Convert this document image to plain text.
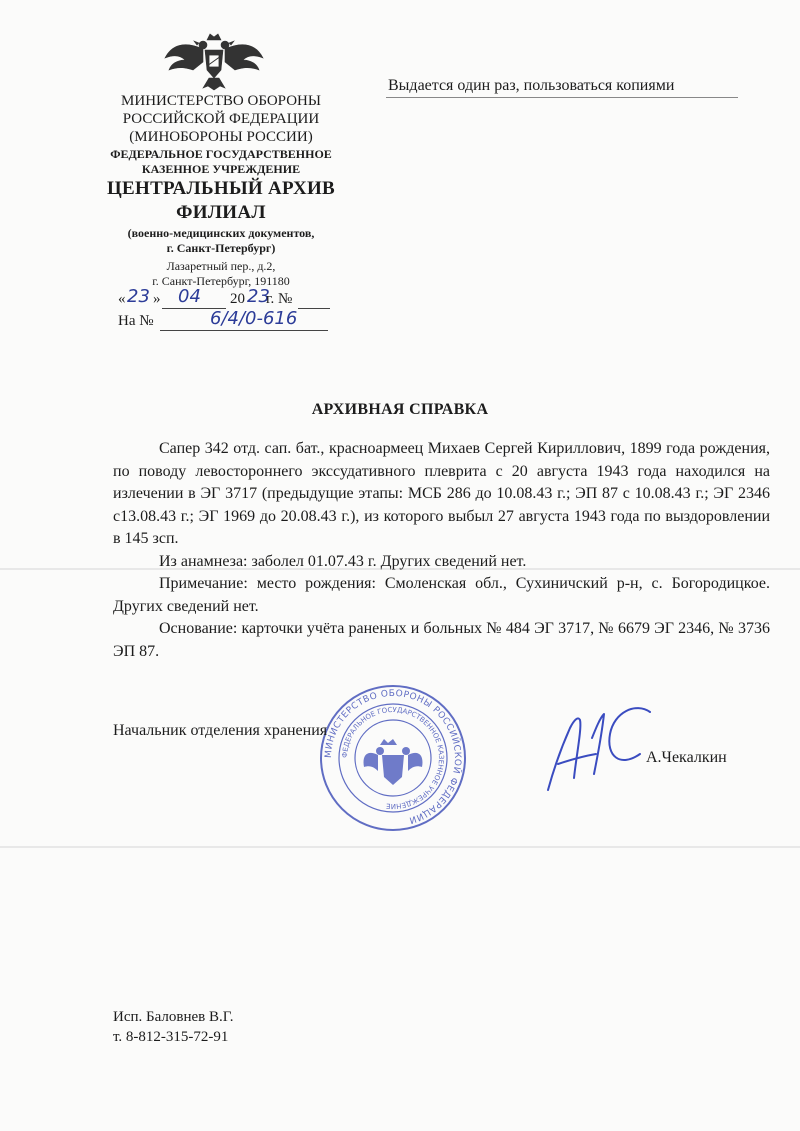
МИНИСТЕРСТВО ОБОРОНЫ
РОССИЙСКОЙ ФЕДЕРАЦИИ
(МИНОБОРОНЫ РОССИИ)
ФЕДЕРАЛЬНОЕ ГОСУДАРСТВЕННОЕ
КАЗЕННОЕ УЧРЕЖДЕНИЕ
ЦЕНТРАЛЬНЫЙ АРХИВ
ФИЛИАЛ
(военно-медицинских документов,
г. Санкт-Петербург)
Лазаретный пер., д.2,
г. Санкт-Петербург, 191180
« 23 » 04 20 23
г. №
На №	6/4/0-616
Выдается один раз, пользоваться копиями
АРХИВНАЯ СПРАВКА

Сапер 342 отд. сап. бат., красноармеец Михаев Сергей Кириллович, 1899 года рождения, по поводу левостороннего экссудативного плеврита с 20 августа 1943 года находился на излечении в ЭГ 3717 (предыдущие этапы: МСБ 286 до 10.08.43 г.; ЭП 87 с 10.08.43 г.; ЭГ 2346 с13.08.43 г.; ЭГ 1969 до 20.08.43 г.), из которого выбыл 27 августа 1943 года по выздоровлении в 145 зсп.

Из анамнеза: заболел 01.07.43 г. Других сведений нет.

Примечание: место рождения: Смоленская обл., Сухиничский р-н, с. Богородицкое. Других сведений нет.

Основание: карточки учёта раненых и больных № 484 ЭГ 3717, № 6679 ЭГ 2346, № 3736 ЭП 87.

МИНИСТЕРСТВО ОБОРОНЫ РОССИЙСКОЙ ФЕДЕРАЦИИ
ФЕДЕРАЛЬНОЕ ГОСУДАРСТВЕННОЕ КАЗЕННОЕ УЧРЕЖДЕНИЕ
Начальник отделения хранения
А.Чекалкин
Исп. Баловнев В.Г.
т. 8-812-315-72-91
